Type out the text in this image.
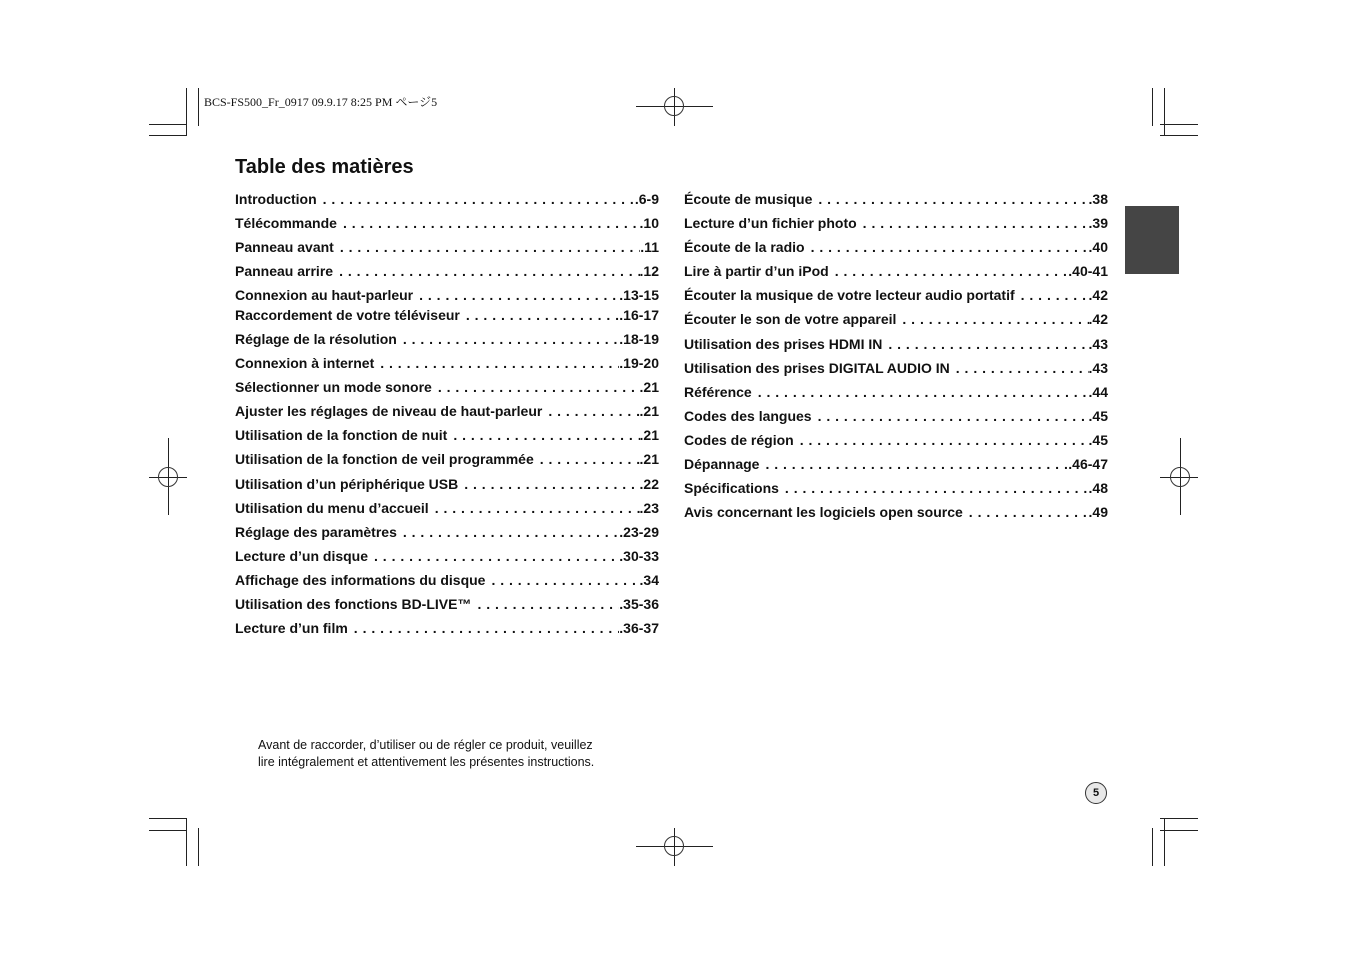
BCS-FS500_Fr_0917 09.9.17 8:25 PM ページ5
Table des matières
Introduction . . .	.6-9
Télécommande . . .	.10
Panneau avant . . .	.11
Panneau arrire . . .	.12
Connexion au haut-parleur . . .	.13-15
Raccordement de votre téléviseur . . .	.16-17
Réglage de la résolution . . .	.18-19
Connexion à internet . . .	.19-20
Sélectionner un mode sonore . . .	.21
Ajuster les réglages de niveau de haut-parleur . . .	.21
Utilisation de la fonction de nuit . . .	.21
Utilisation de la fonction de veil programmée . . .	.21
Utilisation d’un périphérique USB . . .	.22
Utilisation du menu d’accueil . . .	.23
Réglage des paramètres . . .	.23-29
Lecture d’un disque . . .	.30-33
Affichage des informations du disque . . .	.34
Utilisation des fonctions BD-LIVE™ . . .	.35-36
Lecture d’un film . . .	.36-37
Écoute de musique . . .	.38
Lecture d’un fichier photo . . .	.39
Écoute de la radio . . .	.40
Lire à partir d’un iPod . . .	.40-41
Écouter la musique de votre lecteur audio portatif . . .	.42
Écouter le son de votre appareil . . .	.42
Utilisation des prises HDMI IN . . .	.43
Utilisation des prises DIGITAL AUDIO IN . . .	.43
Référence . . .	.44
Codes des langues . . .	.45
Codes de région . . .	.45
Dépannage . . .	.46-47
Spécifications . . .	.48
Avis concernant les logiciels open source . . .	.49

Avant de raccorder, d’utiliser ou de régler ce produit, veuillez
lire intégralement et attentivement les présentes instructions.

5
